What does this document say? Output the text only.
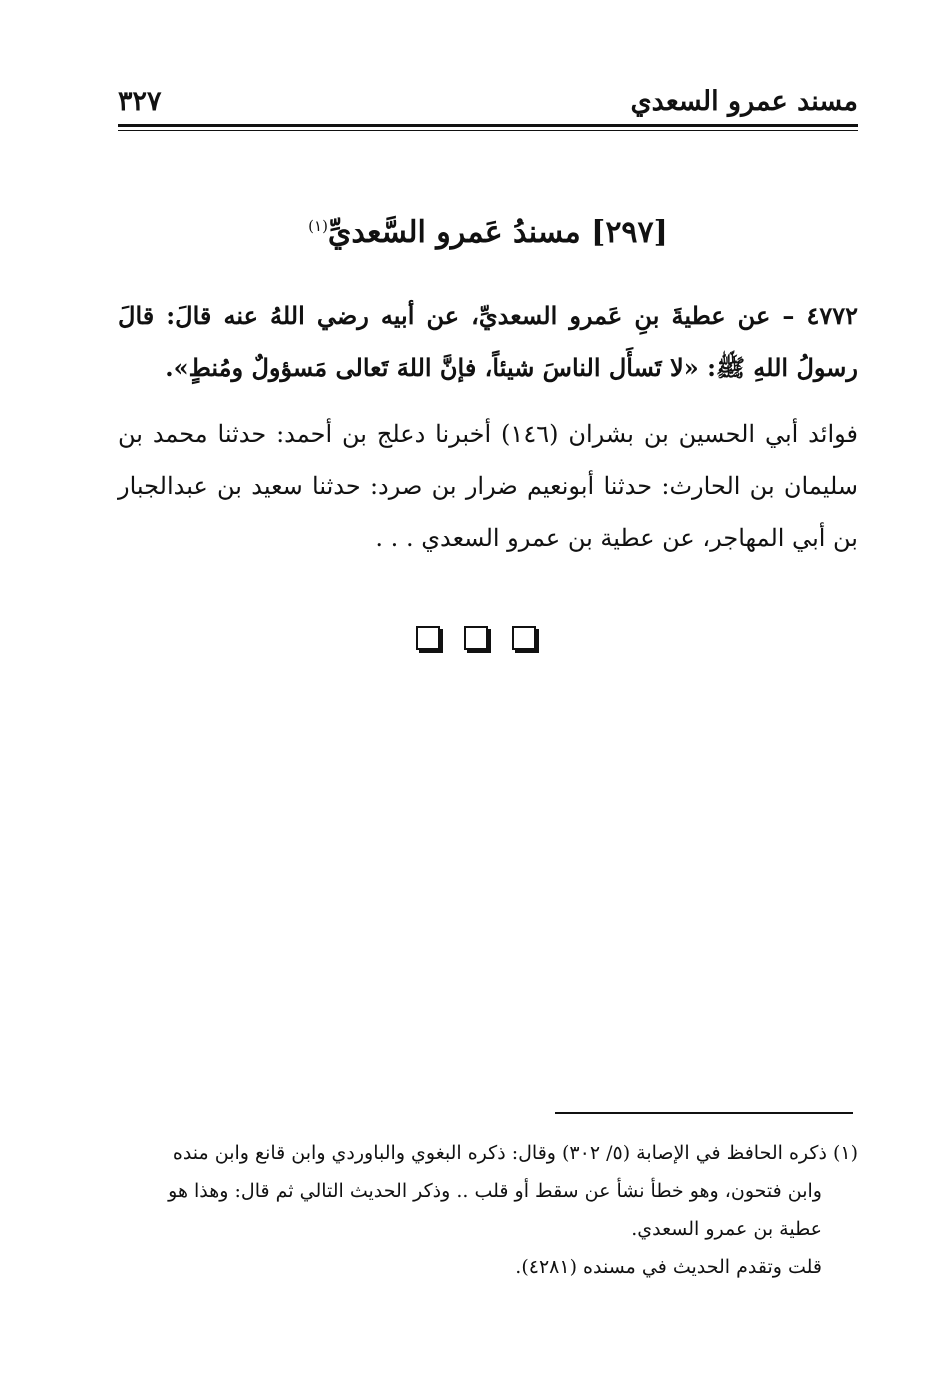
مسند عمرو السعدي
٣٢٧
[٢٩٧] مسندُ عَمرو السَّعديِّ$^{(١)}$
٤٧٧٢ – عن عطيةَ بنِ عَمرو السعديِّ، عن أبيه رضي اللهُ عنه قالَ: قالَ رسولُ اللهِ ﷺ: «لا تَسأَل الناسَ شيئاً، فإنَّ اللهَ تَعالى مَسؤولٌ ومُنطٍ».
فوائد أبي الحسين بن بشران (١٤٦) أخبرنا دعلج بن أحمد: حدثنا محمد بن سليمان بن الحارث: حدثنا أبونعيم ضرار بن صرد: حدثنا سعيد بن عبدالجبار بن أبي المهاجر، عن عطية بن عمرو السعدي . . .
(١) ذكره الحافظ في الإصابة (٥/ ٣٠٢) وقال: ذكره البغوي والباوردي وابن قانع وابن منده
وابن فتحون، وهو خطأ نشأ عن سقط أو قلب .. وذكر الحديث التالي ثم قال: وهذا هو
عطية بن عمرو السعدي.
قلت وتقدم الحديث في مسنده (٤٢٨١).
